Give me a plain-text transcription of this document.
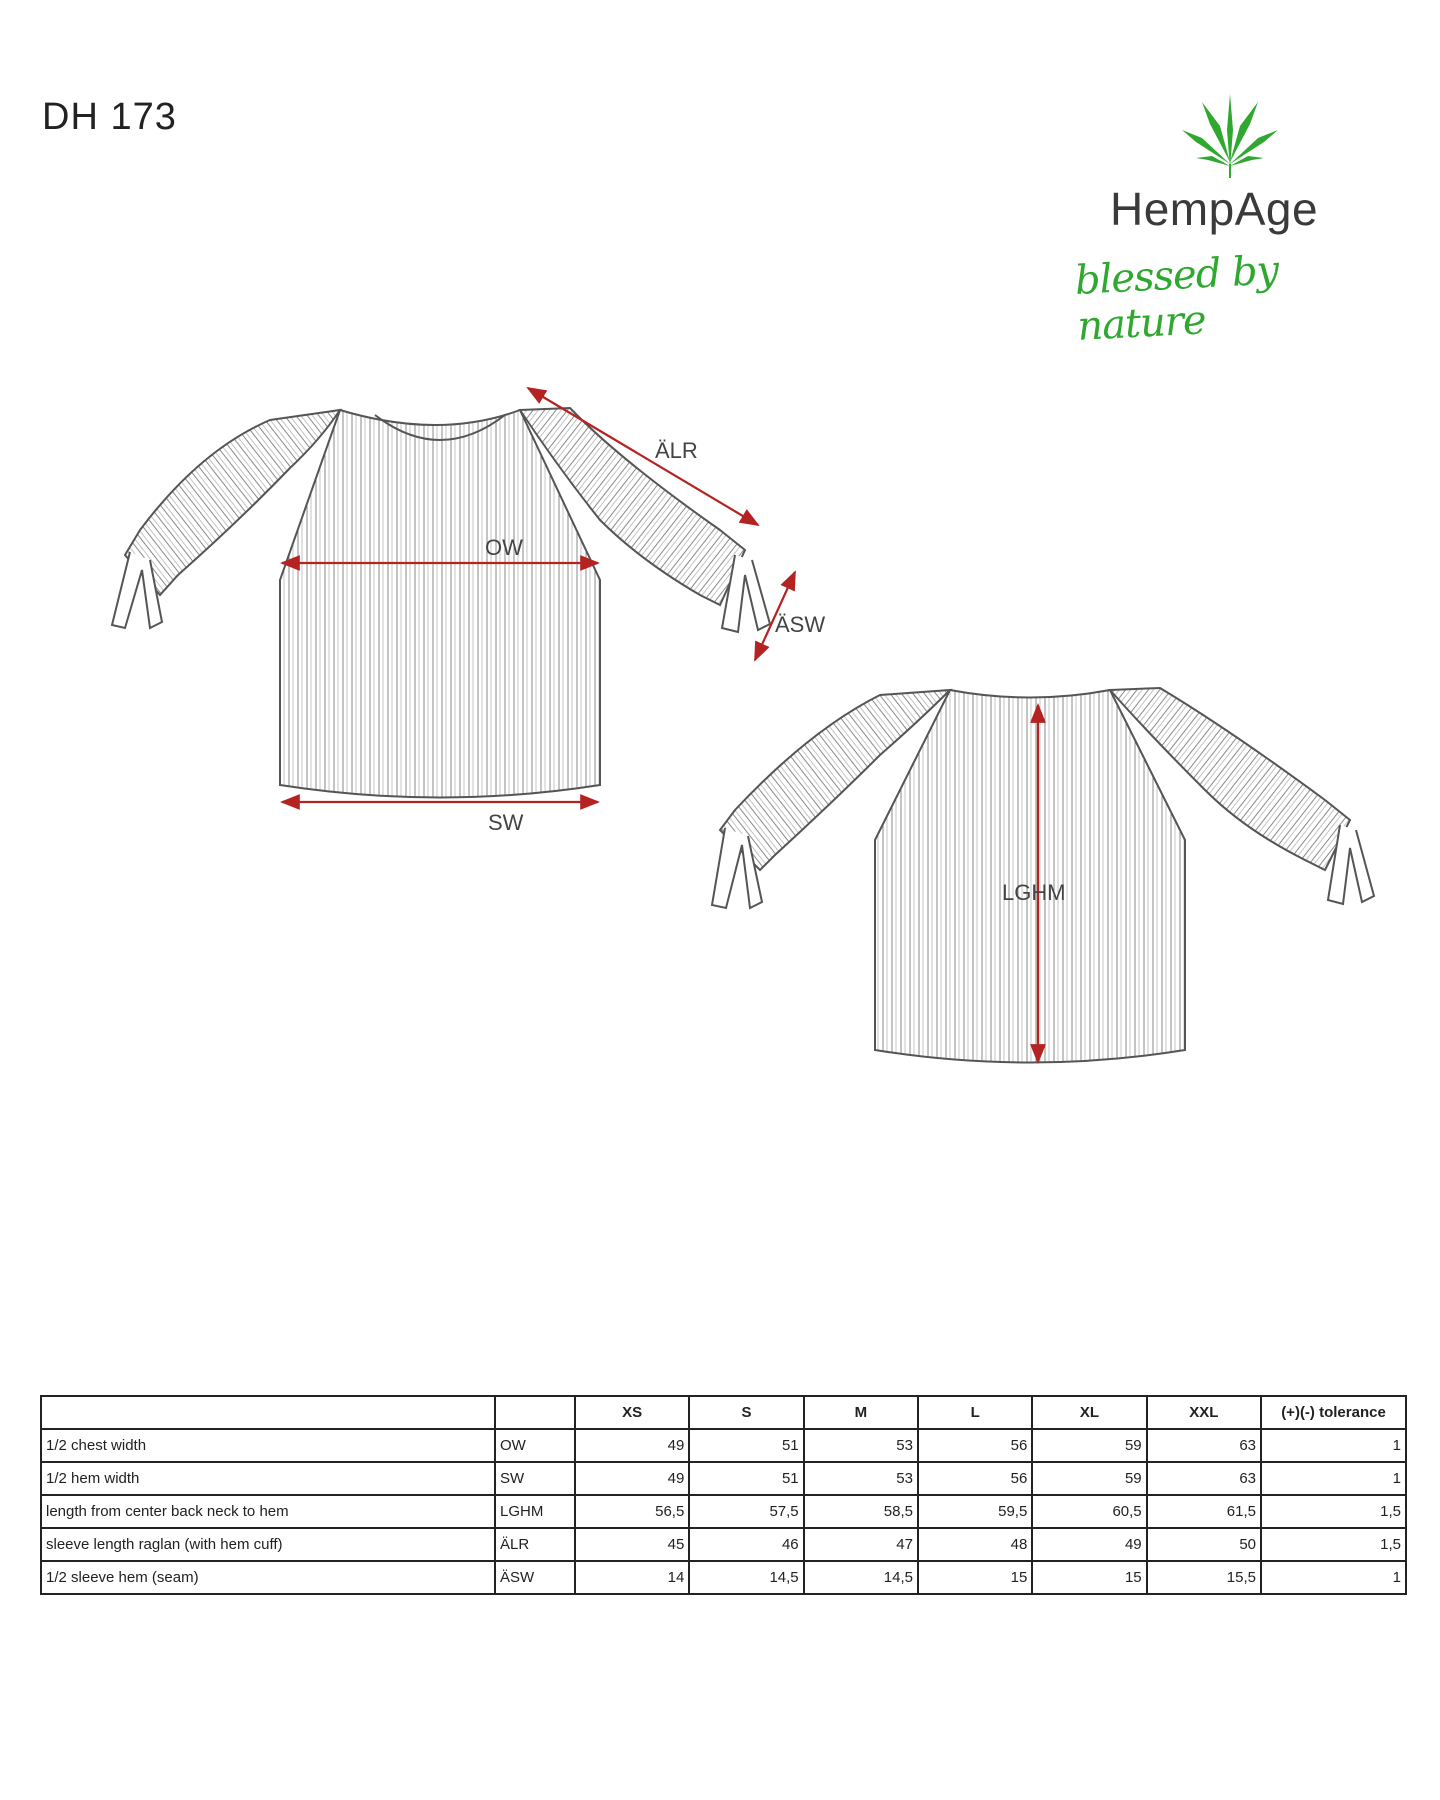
DH 173
HempAge
blessed by nature
ÄLR
OW
ÄSW
SW
LGHM
		XS	S	M	L	XL	XXL	(+)(-) tolerance
1/2 chest width	OW	49	51	53	56	59	63	1
1/2 hem width	SW	49	51	53	56	59	63	1
length from center back neck to hem	LGHM	56,5	57,5	58,5	59,5	60,5	61,5	1,5
sleeve length raglan (with hem cuff)	ÄLR	45	46	47	48	49	50	1,5
1/2 sleeve hem (seam)	ÄSW	14	14,5	14,5	15	15	15,5	1
